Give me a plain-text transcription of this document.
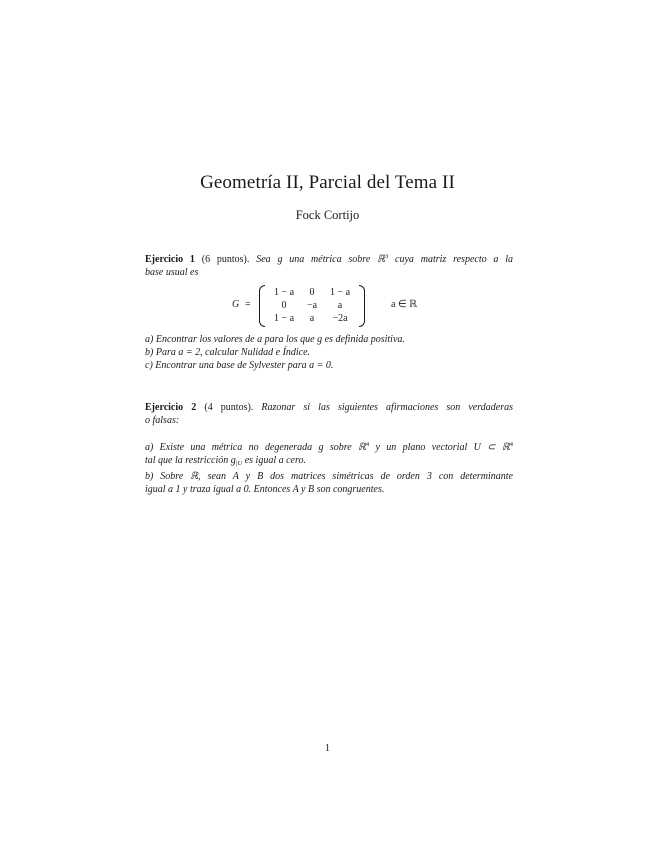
Geometría II, Parcial del Tema II
Fock Cortijo
Ejercicio 1 (6 puntos). Sea g una métrica sobre ℝ$^3$ cuya matriz respecto a la
base usual es
G =
1 − a	0	1 − a
0	−a	a
1 − a	a	−2a
a ∈ ℝ
a) Encontrar los valores de a para los que g es definida positiva.
b) Para a = 2, calcular Nulidad e Índice.
c) Encontrar una base de Sylvester para a = 0.
Ejercicio 2 (4 puntos). Razonar si las siguientes afirmaciones son verdaderas
o falsas:
a) Existe una métrica no degenerada g sobre ℝ$^4$ y un plano vectorial U ⊂ ℝ$^4$
tal que la restricción $g_{|U}$ es igual a cero.
b) Sobre ℝ, sean A y B dos matrices simétricas de orden 3 con determinante
igual a 1 y traza igual a 0. Entonces A y B son congruentes.
1
